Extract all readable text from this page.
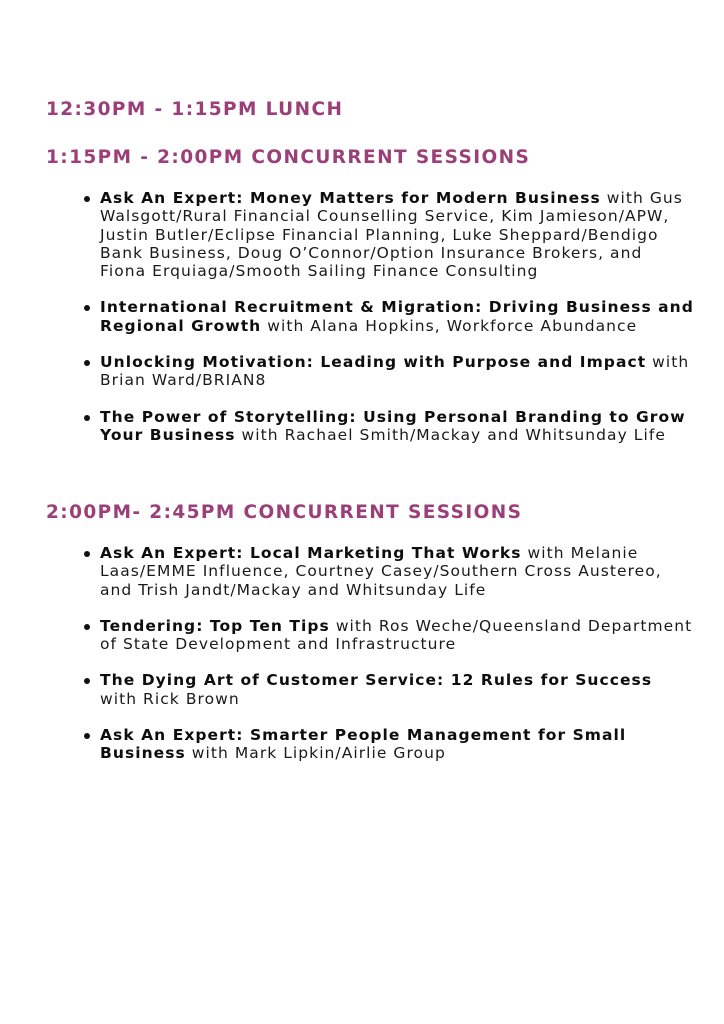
12:30PM - 1:15PM LUNCH
1:15PM - 2:00PM CONCURRENT SESSIONS
Ask An Expert: Money Matters for Modern Business with Gus Walsgott/Rural Financial Counselling Service, Kim Jamieson/APW, Justin Butler/Eclipse Financial Planning, Luke Sheppard/Bendigo Bank Business, Doug O’Connor/Option Insurance Brokers, and Fiona Erquiaga/Smooth Sailing Finance Consulting
International Recruitment & Migration: Driving Business and Regional Growth with Alana Hopkins, Workforce Abundance
Unlocking Motivation: Leading with Purpose and Impact with Brian Ward/BRIAN8
The Power of Storytelling: Using Personal Branding to Grow Your Business with Rachael Smith/Mackay and Whitsunday Life
2:00PM- 2:45PM CONCURRENT SESSIONS
Ask An Expert: Local Marketing That Works with Melanie Laas/EMME Influence, Courtney Casey/Southern Cross Austereo, and Trish Jandt/Mackay and Whitsunday Life
Tendering: Top Ten Tips with Ros Weche/Queensland Department of State Development and Infrastructure
The Dying Art of Customer Service: 12 Rules for Success with Rick Brown
Ask An Expert: Smarter People Management for Small Business with Mark Lipkin/Airlie Group
